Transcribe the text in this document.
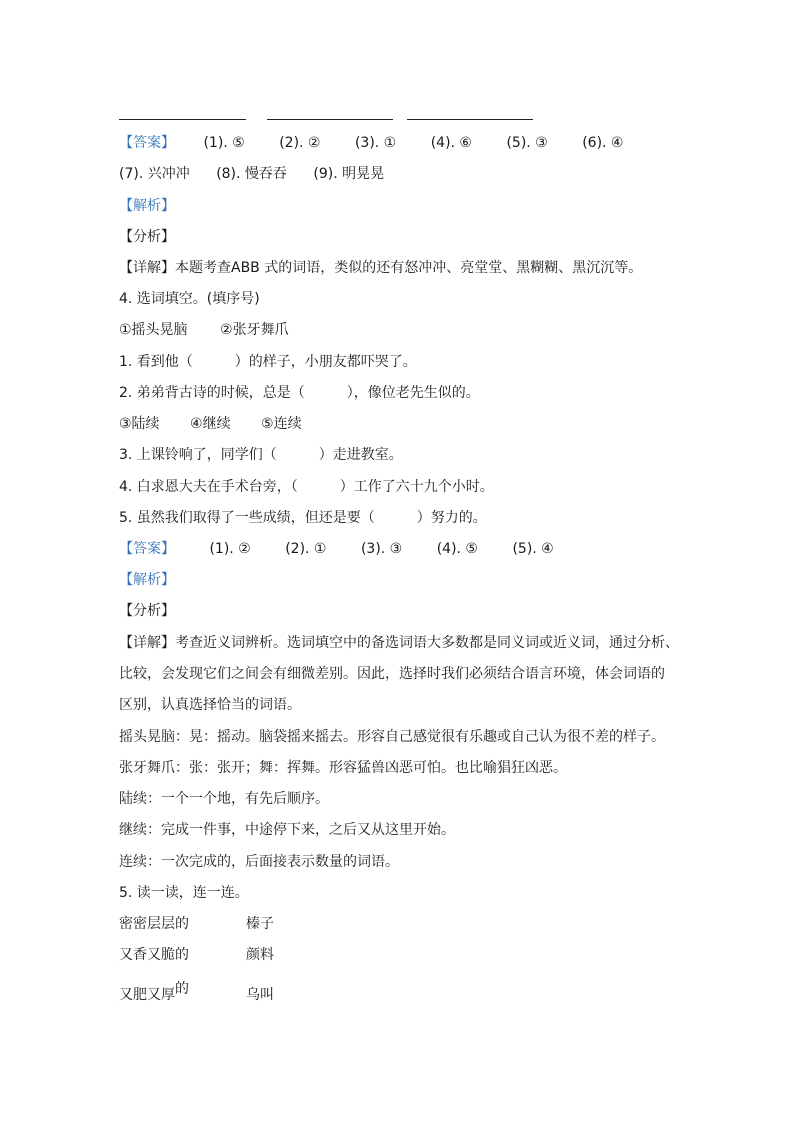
【答案】 (1). ⑤ (2). ② (3). ① (4). ⑥ (5). ③ (6). ④
(7). 兴冲冲 (8). 慢吞吞 (9). 明晃晃
【解析】
【分析】
【详解】本题考查ABB 式的词语，类似的还有怒冲冲、亮堂堂、黑糊糊、黑沉沉等。
4. 选词填空。(填序号)
①摇头晃脑 ②张牙舞爪
1. 看到他（　　　）的样子，小朋友都吓哭了。
2. 弟弟背古诗的时候，总是（　　　），像位老先生似的。
③陆续 ④继续 ⑤连续
3. 上课铃响了，同学们（　　　）走进教室。
4. 白求恩大夫在手术台旁，（　　　）工作了六十九个小时。
5. 虽然我们取得了一些成绩，但还是要（　　　）努力的。
【答案】 (1). ② (2). ① (3). ③ (4). ⑤ (5). ④
【解析】
【分析】
【详解】考查近义词辨析。选词填空中的备选词语大多数都是同义词或近义词，通过分析、
比较，会发现它们之间会有细微差别。因此，选择时我们必须结合语言环境，体会词语的
区别，认真选择恰当的词语。
摇头晃脑：晃：摇动。脑袋摇来摇去。形容自己感觉很有乐趣或自己认为很不差的样子。
张牙舞爪：张：张开；舞：挥舞。形容猛兽凶恶可怕。也比喻猖狂凶恶。
陆续：一个一个地，有先后顺序。
继续：完成一件事，中途停下来，之后又从这里开始。
连续：一次完成的，后面接表示数量的词语。
5. 读一读，连一连。
密密层层的	榛子
又香又脆的	颜料
又肥又厚$^的$	乌叫
